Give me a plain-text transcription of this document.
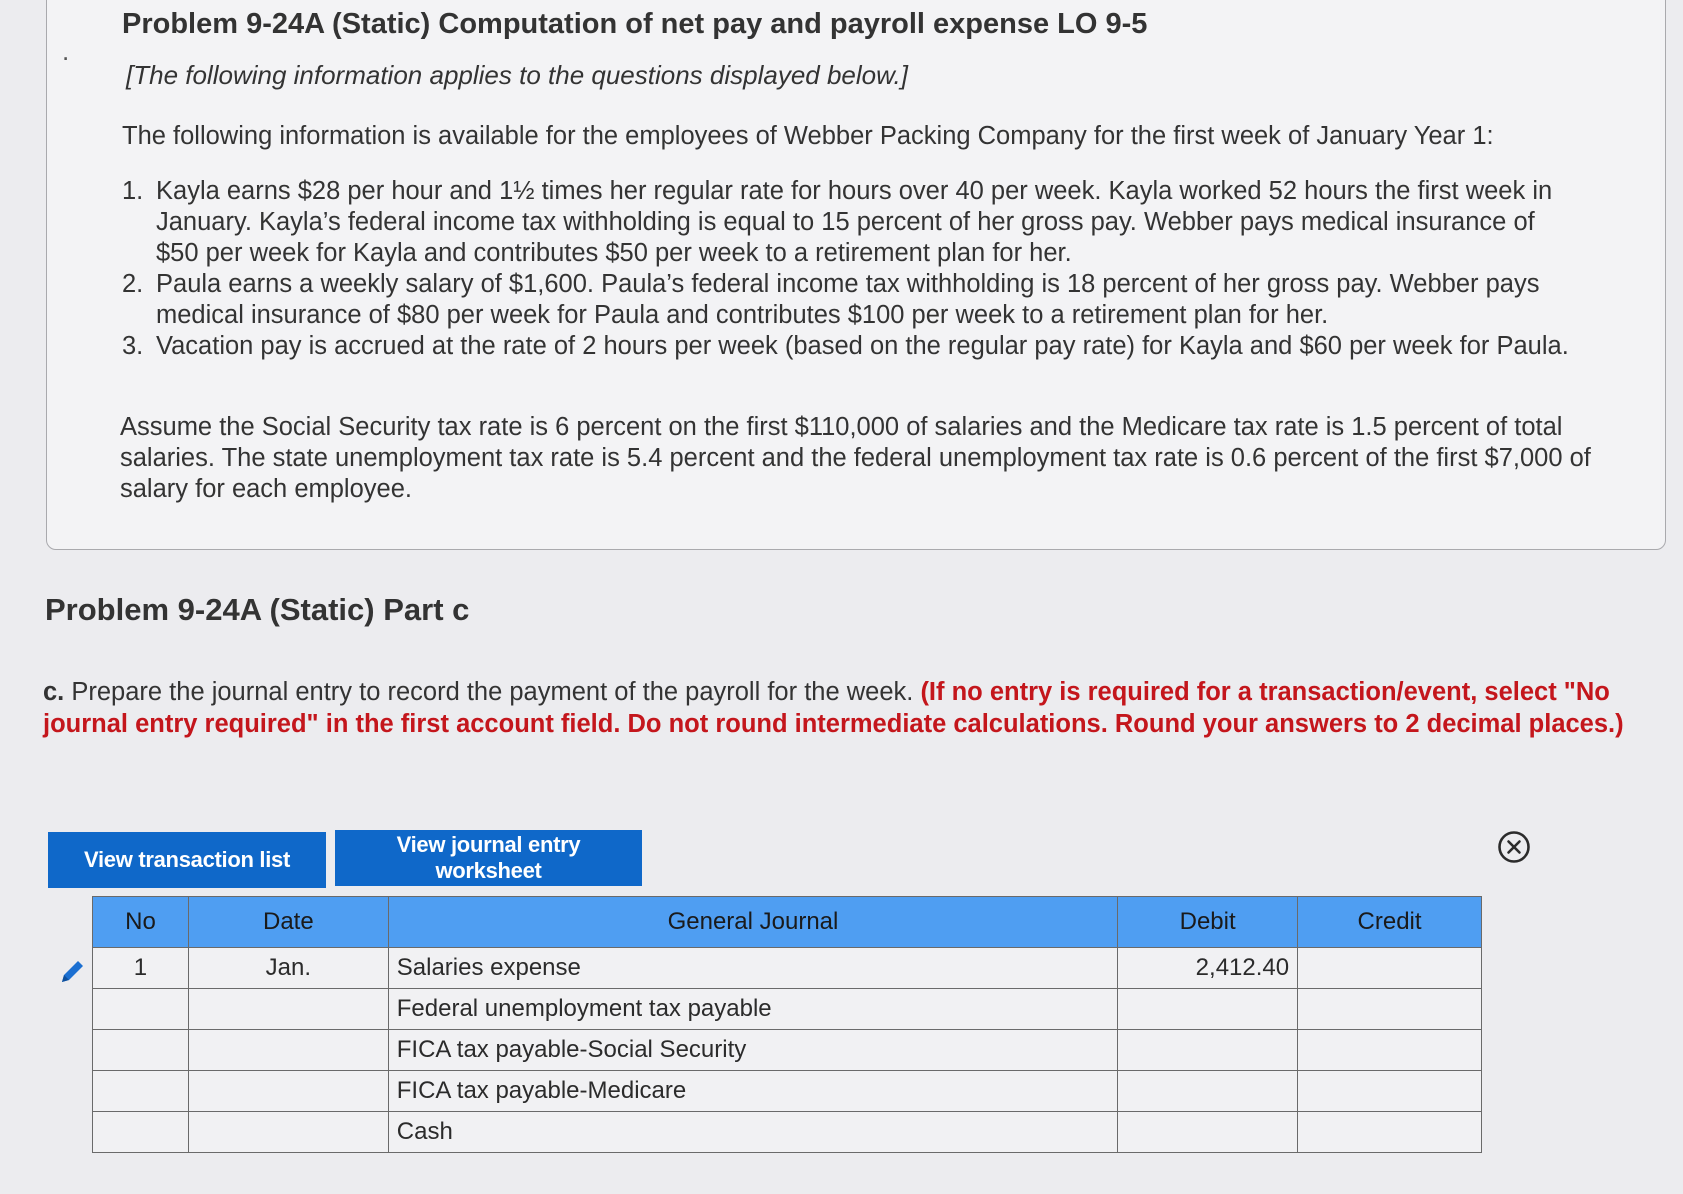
.
Problem 9-24A (Static) Computation of net pay and payroll expense LO 9-5
[The following information applies to the questions displayed below.]
The following information is available for the employees of Webber Packing Company for the first week of January Year 1:
1. Kayla earns $28 per hour and 1½ times her regular rate for hours over 40 per week. Kayla worked 52 hours the first week in January. Kayla’s federal income tax withholding is equal to 15 percent of her gross pay. Webber pays medical insurance of $50 per week for Kayla and contributes $50 per week to a retirement plan for her.
2. Paula earns a weekly salary of $1,600. Paula’s federal income tax withholding is 18 percent of her gross pay. Webber pays medical insurance of $80 per week for Paula and contributes $100 per week to a retirement plan for her.
3. Vacation pay is accrued at the rate of 2 hours per week (based on the regular pay rate) for Kayla and $60 per week for Paula.
Assume the Social Security tax rate is 6 percent on the first $110,000 of salaries and the Medicare tax rate is 1.5 percent of total salaries. The state unemployment tax rate is 5.4 percent and the federal unemployment tax rate is 0.6 percent of the first $7,000 of salary for each employee.
Problem 9-24A (Static) Part c
c. Prepare the journal entry to record the payment of the payroll for the week. (If no entry is required for a transaction/event, select "No journal entry required" in the first account field. Do not round intermediate calculations. Round your answers to 2 decimal places.)
View transaction list
View journal entry worksheet
No	Date	General Journal	Debit	Credit
1	Jan.	Salaries expense	2,412.40	
		Federal unemployment tax payable		
		FICA tax payable-Social Security		
		FICA tax payable-Medicare		
		Cash		
